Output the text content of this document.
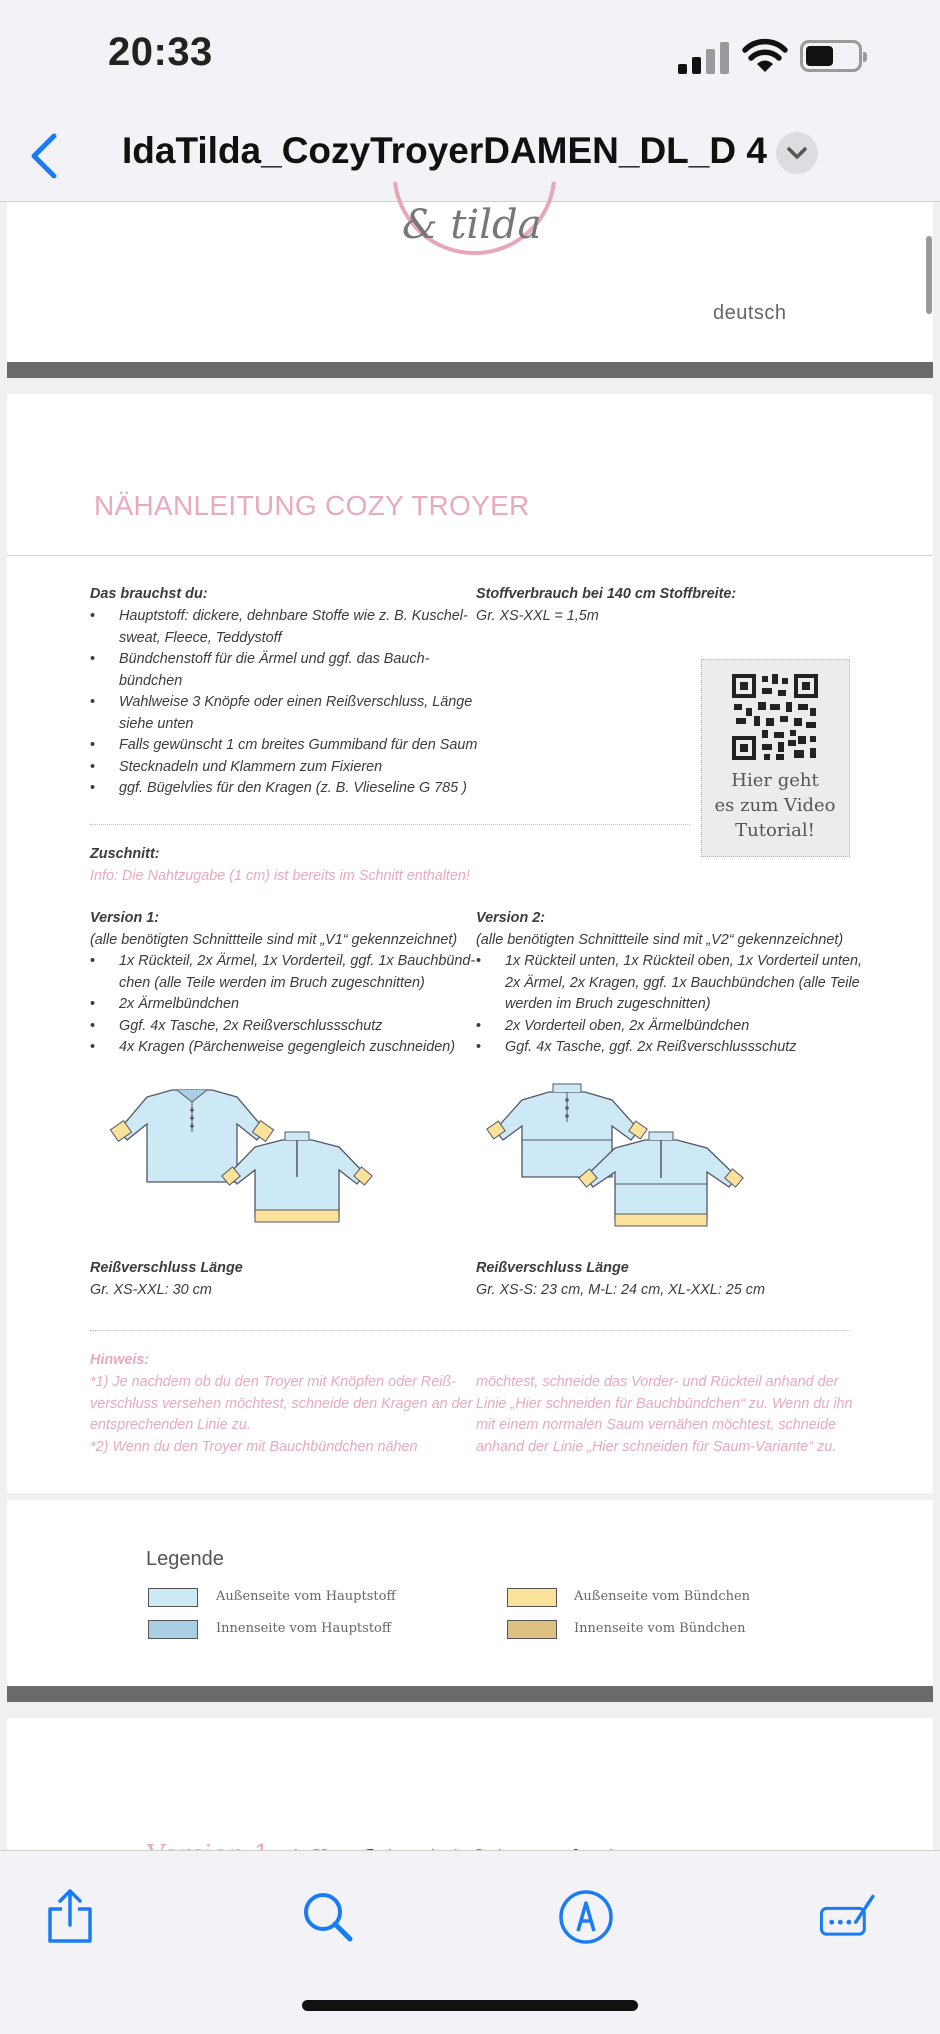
20:33
IdaTilda_CozyTroyerDAMEN_DL_D 4
& tilda
deutsch
NÄHANLEITUNG COZY TROYER
Das brauchst du:
• Hauptstoff: dickere, dehnbare Stoffe wie z. B. Kuschel-
sweat, Fleece, Teddystoff
• Bündchenstoff für die Ärmel und ggf. das Bauch-
bündchen
• Wahlweise 3 Knöpfe oder einen Reißverschluss, Länge
siehe unten
• Falls gewünscht 1 cm breites Gummiband für den Saum
• Stecknadeln und Klammern zum Fixieren
• ggf. Bügelvlies für den Kragen (z. B. Vlieseline G 785 )
Stoffverbrauch bei 140 cm Stoffbreite:
Gr. XS-XXL = 1,5m
Hier geht
es zum Video
Tutorial!
Zuschnitt:
Info: Die Nahtzugabe (1 cm) ist bereits im Schnitt enthalten!
Version 1:
(alle benötigten Schnittteile sind mit „V1“ gekennzeichnet)
• 1x Rückteil, 2x Ärmel, 1x Vorderteil, ggf. 1x Bauchbünd-
chen (alle Teile werden im Bruch zugeschnitten)
• 2x Ärmelbündchen
• Ggf. 4x Tasche, 2x Reißverschlussschutz
• 4x Kragen (Pärchenweise gegengleich zuschneiden)
Version 2:
(alle benötigten Schnittteile sind mit „V2“ gekennzeichnet)
• 1x Rückteil unten, 1x Rückteil oben, 1x Vorderteil unten,
2x Ärmel, 2x Kragen, ggf. 1x Bauchbündchen (alle Teile
werden im Bruch zugeschnitten)
• 2x Vorderteil oben, 2x Ärmelbündchen
• Ggf. 4x Tasche, ggf. 2x Reißverschlussschutz
Reißverschluss Länge
Gr. XS-XXL: 30 cm
Reißverschluss Länge
Gr. XS-S: 23 cm, M-L: 24 cm, XL-XXL: 25 cm
Hinweis:
*1) Je nachdem ob du den Troyer mit Knöpfen oder Reiß-
verschluss versehen möchtest, schneide den Kragen an der
entsprechenden Linie zu.
*2) Wenn du den Troyer mit Bauchbündchen nähen
möchtest, schneide das Vorder- und Rückteil anhand der
Linie „Hier schneiden für Bauchbündchen“ zu. Wenn du ihn
mit einem normalen Saum vernähen möchtest, schneide
anhand der Linie „Hier schneiden für Saum-Variante“ zu.
Legende
Außenseite vom Hauptstoff
Innenseite vom Hauptstoff
Außenseite vom Bündchen
Innenseite vom Bündchen
